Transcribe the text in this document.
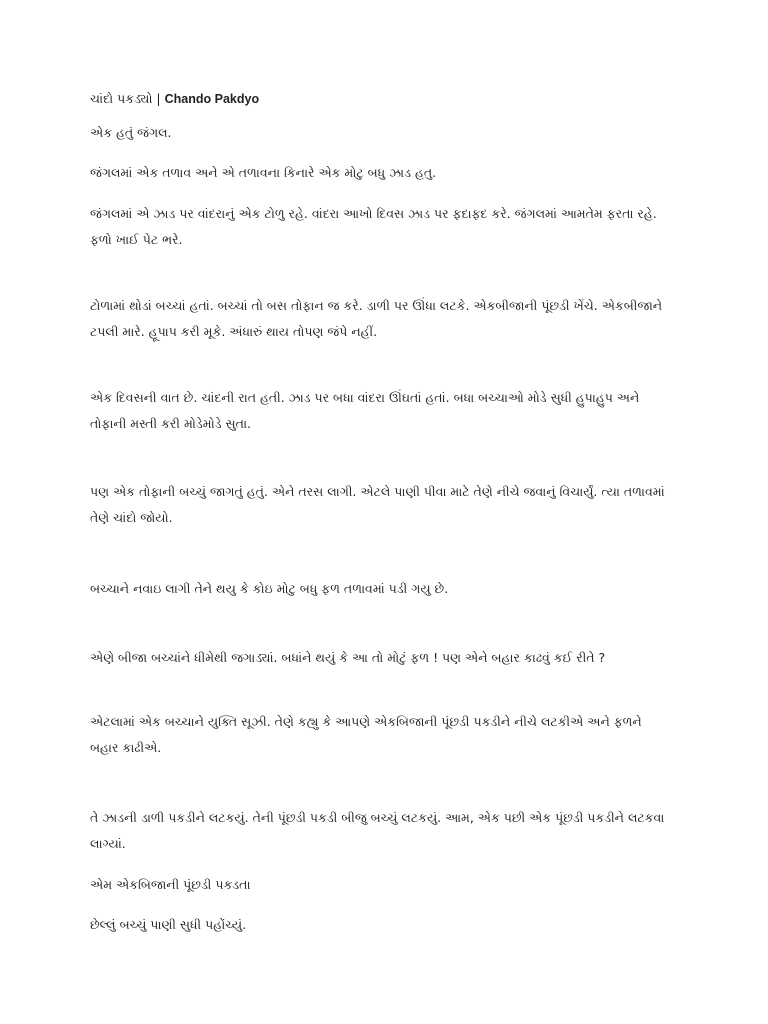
ચાંદો પકડ્યો | Chando Pakdyo

એક હતું જંગલ.

જંગલમાં એક તળાવ અને એ તળાવના કિનારે એક મોટુ બધુ ઝાડ હતુ.

જંગલમાં એ ઝાડ પર વાંદરાનું એક ટોળુ રહે. વાંદરા આખો દિવસ ઝાડ પર ફદાફદ કરે. જંગલમાં આમતેમ ફરતા રહે. ફળો ખાઈ પેટ ભરે.

ટોળામાં થોડાં બચ્ચાં હતાં. બચ્ચાં તો બસ તોફાન જ કરે. ડાળી પર ઊંધા લટકે. એકબીજાની પૂંછડી ખેંચે. એકબીજાને ટપલી મારે. હૂપાપ કરી મૂકે. અંધારું થાય તોપણ જંપે નહીં.

એક દિવસની વાત છે. ચાંદની રાત હતી. ઝાડ પર બધા વાંદરા ઊંઘતાં હતાં. બધા બચ્ચાઓ મોડે સુધી હુપાહુપ અને તોફાની મસ્તી કરી મોડેમોડે સુતા.

પણ એક તોફાની બચ્ચું જાગતું હતું. એને તરસ લાગી. એટલે પાણી પીવા માટે તેણે નીચે જવાનું વિચાર્યું. ત્યા તળાવમાં તેણે ચાંદો જોયો.

બચ્ચાને નવાઇ લાગી તેને થયુ કે કોઇ મોટુ બધુ ફળ તળાવમાં પડી ગયુ છે.

એણે બીજા બચ્ચાંને ધીમેથી જગાડ્યાં. બધાંને થયું કે આ તો મોટું ફળ ! પણ એને બહાર કાઢવું કઈ રીતે ?

એટલામાં એક બચ્ચાને યુક્તિ સૂઝી. તેણે કહ્યુ કે આપણે એકબિજાની પૂંછડી પકડીને નીચે લટકીએ અને ફળને બહાર કાઢીએ.

તે ઝાડની ડાળી પકડીને લટકયું. તેની પૂંછડી પકડી બીજુ બચ્ચું લટકયું. આમ, એક પછી એક પૂંછડી પકડીને લટકવા લાગ્યાં.

એમ એકબિજાની પૂંછડી પકડતા

છેલ્લું બચ્ચું પાણી સુધી પહોંચ્યું.
